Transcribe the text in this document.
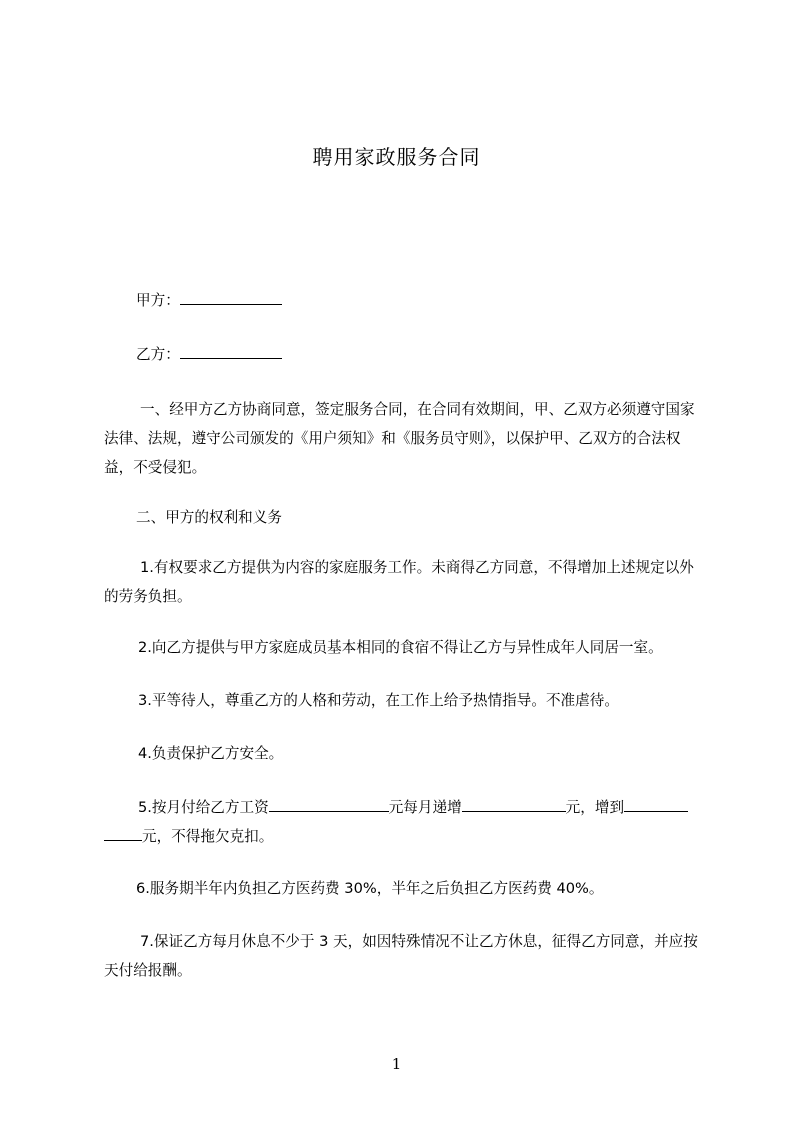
聘用家政服务合同
甲方：
乙方：
一、经甲方乙方协商同意，签定服务合同，在合同有效期间，甲、乙双方必须遵守国家法律、法规，遵守公司颁发的《用户须知》和《服务员守则》，以保护甲、乙双方的合法权益，不受侵犯。
二、甲方的权利和义务
1.有权要求乙方提供为内容的家庭服务工作。未商得乙方同意，不得增加上述规定以外的劳务负担。
2.向乙方提供与甲方家庭成员基本相同的食宿不得让乙方与异性成年人同居一室。
3.平等待人，尊重乙方的人格和劳动，在工作上给予热情指导。不准虐待。
4.负责保护乙方安全。
5.按月付给乙方工资	元每月递增	元，增到
元，不得拖欠克扣。
6.服务期半年内负担乙方医药费 30%，半年之后负担乙方医药费 40%。
7.保证乙方每月休息不少于 3 天，如因特殊情况不让乙方休息，征得乙方同意，并应按天付给报酬。
1
